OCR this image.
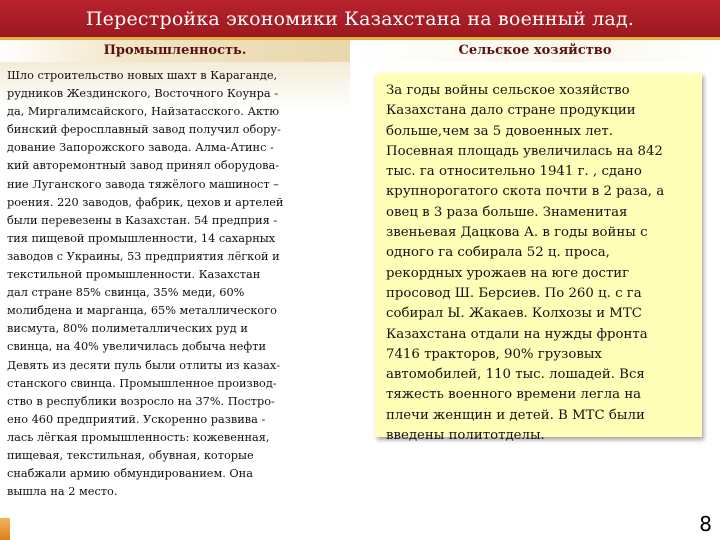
Перестройка экономики Казахстана на военный лад.
Промышленность.

Шло строительство новых шахт в Караганде,
рудников Жездинского, Восточного Коунра -
да, Миргалимсайского, Найзатасского. Актю
бинский феросплавный завод получил обору-
дование Запорожского завода. Алма-Атинс -
кий авторемонтный завод принял оборудова-
ние Луганского завода тяжёлого машиност –
роения. 220 заводов, фабрик, цехов и артелей
были перевезены в Казахстан. 54 предприя -
тия пищевой промышленности, 14 сахарных
заводов с Украины, 53 предприятия лёгкой и
текстильной промышленности. Казахстан
дал стране 85% свинца, 35% меди, 60%
молибдена и марганца, 65% металлического
висмута, 80% полиметаллических руд и
свинца, на 40% увеличилась добыча нефти
Девять из десяти пуль были отлиты из казах-
станского свинца. Промышленное производ-
ство в республики возросло на 37%. Постро-
ено 460 предприятий. Ускоренно развива -
лась лёгкая промышленность: кожевенная,
пищевая, текстильная, обувная, которые
снабжали армию обмундированием. Она
вышла на 2 место.

Сельское хозяйство

За годы войны сельское хозяйство
Казахстана дало стране продукции
больше,чем за 5 довоенных лет.
Посевная площадь увеличилась на 842
тыс. га относительно 1941 г. , сдано
крупнорогатого скота почти в 2 раза, а
овец в 3 раза больше. Знаменитая
звеньевая Дацкова А. в годы войны с
одного га собирала 52 ц. проса,
рекордных урожаев на юге достиг
просовод Ш. Берсиев. По 260 ц. с га
собирал Ы. Жакаев. Колхозы и МТС
Казахстана отдали на нужды фронта
7416 тракторов, 90% грузовых
автомобилей, 110 тыс. лошадей. Вся
тяжесть военного времени легла на
плечи женщин и детей. В МТС были
введены политотделы.

8
